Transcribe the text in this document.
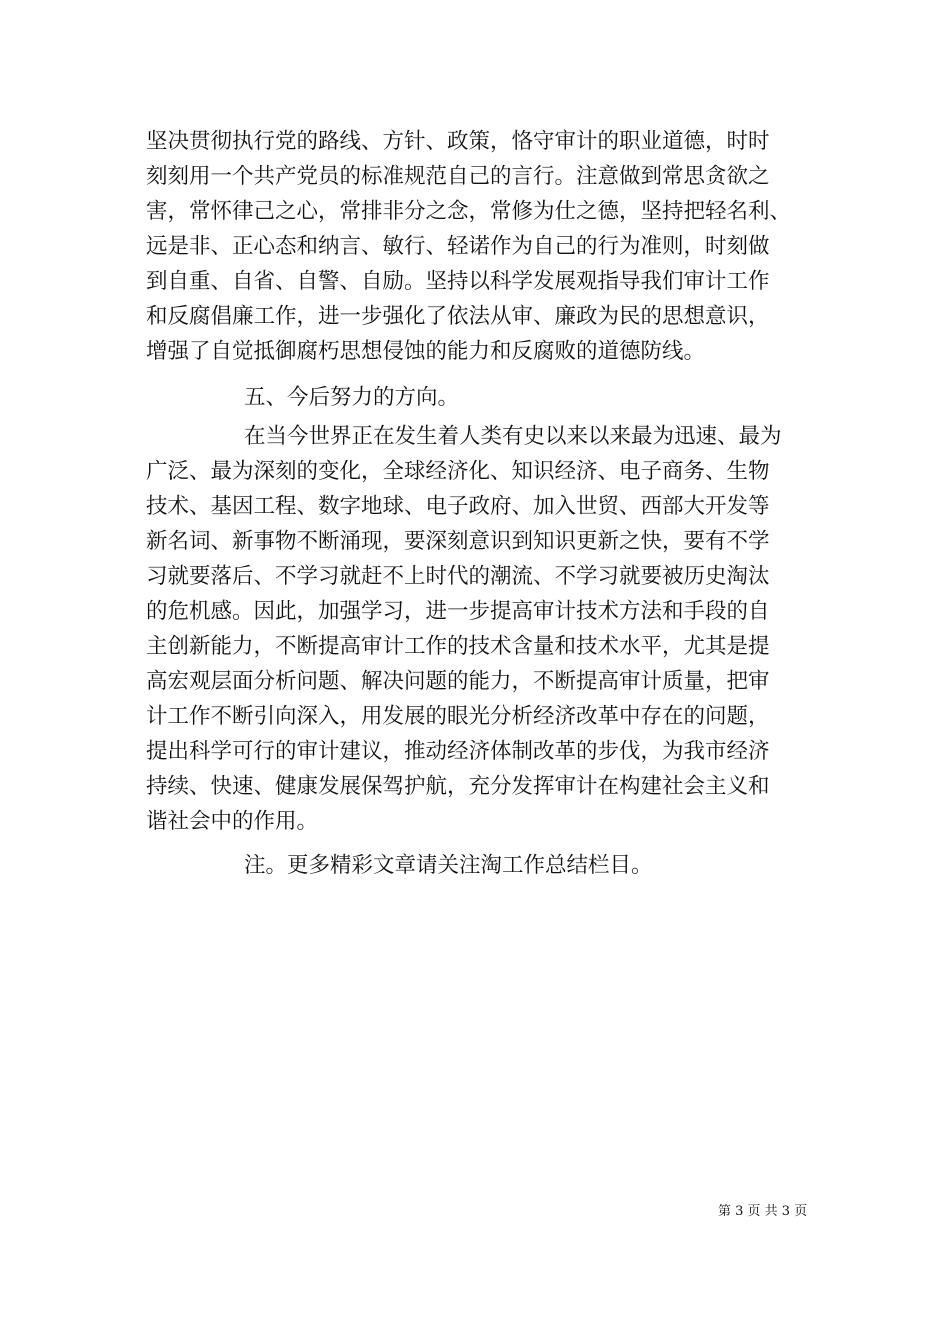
坚决贯彻执行党的路线、方针、政策，恪守审计的职业道德，时时
刻刻用一个共产党员的标准规范自己的言行。注意做到常思贪欲之
害，常怀律己之心，常排非分之念，常修为仕之德，坚持把轻名利、
远是非、正心态和纳言、敏行、轻诺作为自己的行为准则，时刻做
到自重、自省、自警、自励。坚持以科学发展观指导我们审计工作
和反腐倡廉工作，进一步强化了依法从审、廉政为民的思想意识，
增强了自觉抵御腐朽思想侵蚀的能力和反腐败的道德防线。
五、今后努力的方向。
在当今世界正在发生着人类有史以来以来最为迅速、最为
广泛、最为深刻的变化，全球经济化、知识经济、电子商务、生物
技术、基因工程、数字地球、电子政府、加入世贸、西部大开发等
新名词、新事物不断涌现，要深刻意识到知识更新之快，要有不学
习就要落后、不学习就赶不上时代的潮流、不学习就要被历史淘汰
的危机感。因此，加强学习，进一步提高审计技术方法和手段的自
主创新能力，不断提高审计工作的技术含量和技术水平，尤其是提
高宏观层面分析问题、解决问题的能力，不断提高审计质量，把审
计工作不断引向深入，用发展的眼光分析经济改革中存在的问题，
提出科学可行的审计建议，推动经济体制改革的步伐，为我市经济
持续、快速、健康发展保驾护航，充分发挥审计在构建社会主义和
谐社会中的作用。
注。更多精彩文章请关注淘工作总结栏目。
第 3 页 共 3 页
